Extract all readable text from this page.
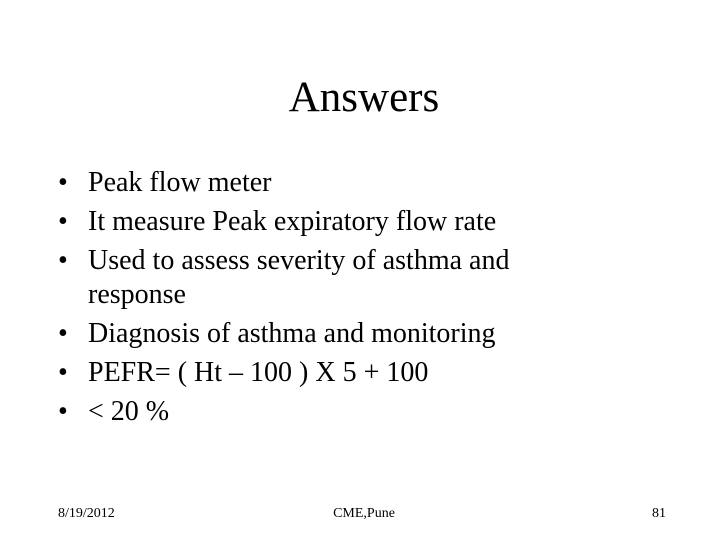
Answers
• Peak flow meter
• It measure Peak expiratory flow rate
• Used to assess severity of asthma and response
• Diagnosis of asthma and monitoring
• PEFR= ( Ht – 100 ) X 5 + 100
• < 20 %

8/19/2012	CME,Pune	81
